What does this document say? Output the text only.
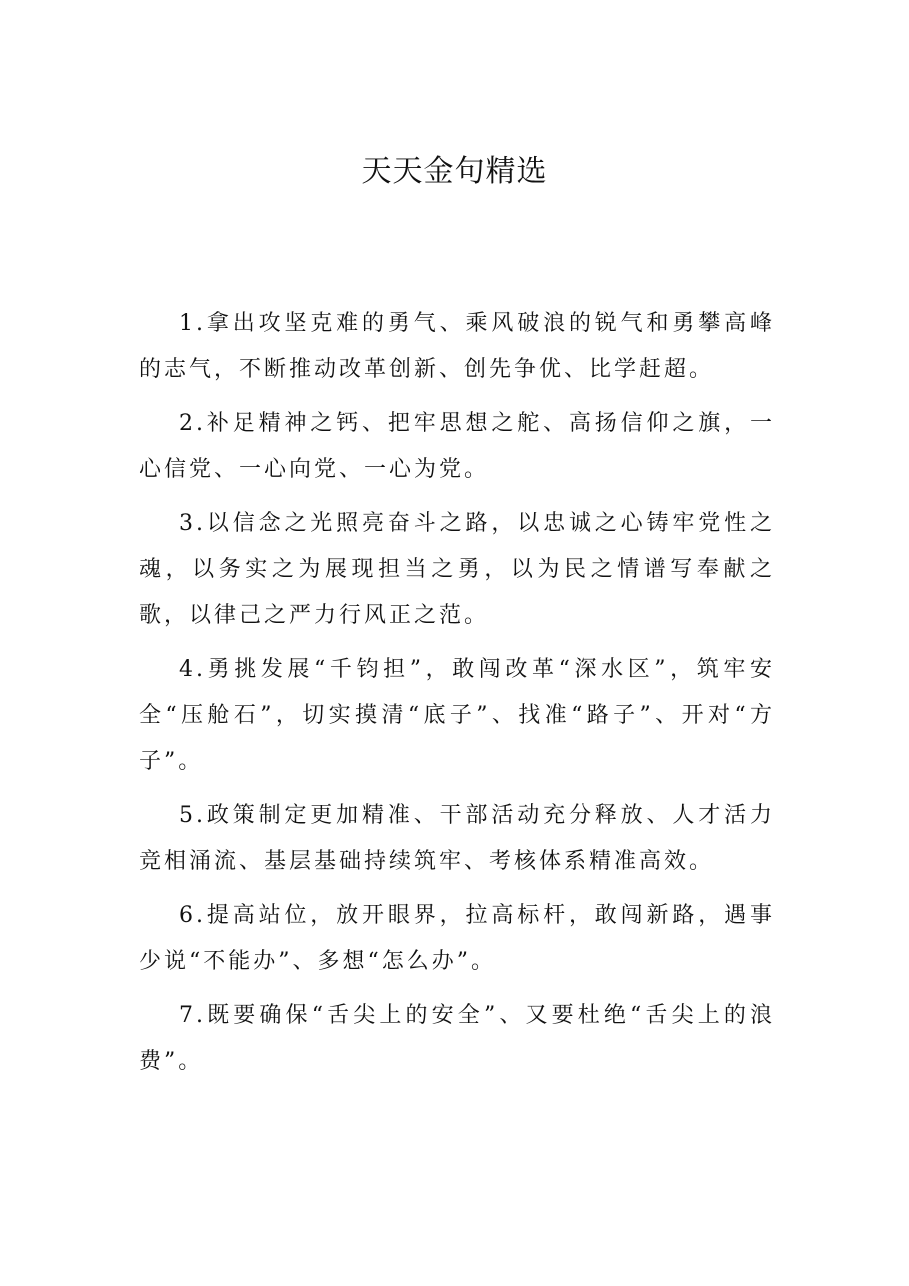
天天金句精选

1.拿出攻坚克难的勇气、乘风破浪的锐气和勇攀高峰的志气，不断推动改革创新、创先争优、比学赶超。

2.补足精神之钙、把牢思想之舵、高扬信仰之旗，一心信党、一心向党、一心为党。

3.以信念之光照亮奋斗之路，以忠诚之心铸牢党性之魂，以务实之为展现担当之勇，以为民之情谱写奉献之歌，以律己之严力行风正之范。

4.勇挑发展“千钧担”，敢闯改革“深水区”，筑牢安全“压舱石”，切实摸清“底子”、找准“路子”、开对“方子”。

5.政策制定更加精准、干部活动充分释放、人才活力竞相涌流、基层基础持续筑牢、考核体系精准高效。

6.提高站位，放开眼界，拉高标杆，敢闯新路，遇事少说“不能办”、多想“怎么办”。

7.既要确保“舌尖上的安全”、又要杜绝“舌尖上的浪费”。
